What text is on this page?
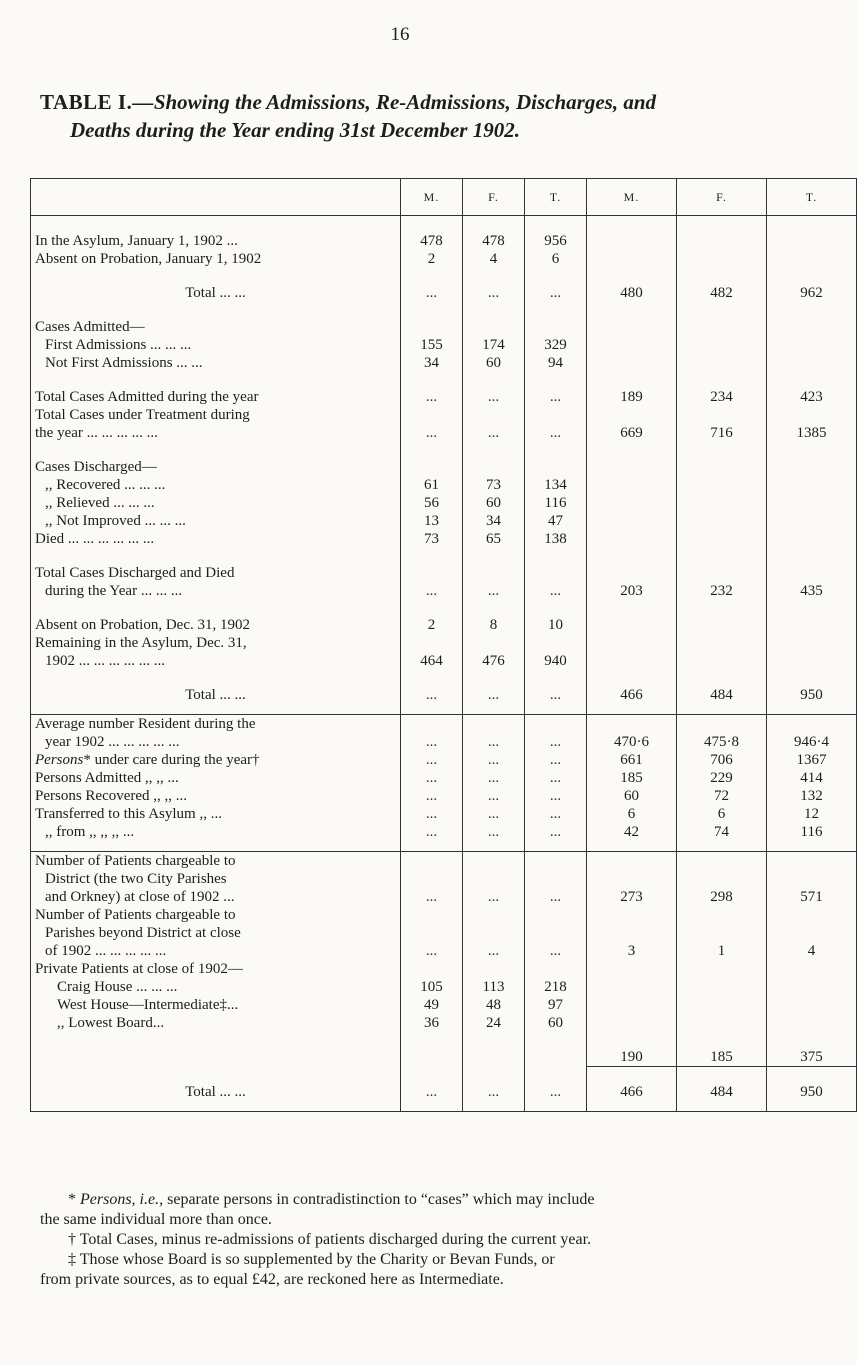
16
TABLE I.—Showing the Admissions, Re-Admissions, Discharges, and
Deaths during the Year ending 31st December 1902.
	M.	F.	T.	M.	F.	T.

In the Asylum, January 1, 1902 ...	478	478	956			
Absent on Probation, January 1, 1902	2	4	6			

Total ... ...	...	...	...	480	482	962

Cases Admitted—						
First Admissions ... ... ...	155	174	329			
Not First Admissions ... ...	34	60	94			

Total Cases Admitted during the year	...	...	...	189	234	423
Total Cases under Treatment during						
the year ... ... ... ... ...	...	...	...	669	716	1385

Cases Discharged—						
,, Recovered ... ... ...	61	73	134			
,, Relieved ... ... ...	56	60	116			
,, Not Improved ... ... ...	13	34	47			
Died ... ... ... ... ... ...	73	65	138			

Total Cases Discharged and Died						
during the Year ... ... ...	...	...	...	203	232	435

Absent on Probation, Dec. 31, 1902	2	8	10			
Remaining in the Asylum, Dec. 31,						
1902 ... ... ... ... ... ...	464	476	940			

Total ... ...	...	...	...	466	484	950

Average number Resident during the						
year 1902 ... ... ... ... ...	...	...	...	470·6	475·8	946·4
Persons* under care during the year†	...	...	...	661	706	1367
Persons Admitted ,, ,, ...	...	...	...	185	229	414
Persons Recovered ,, ,, ...	...	...	...	60	72	132
Transferred to this Asylum ,, ...	...	...	...	6	6	12
,, from ,, ,, ,, ...	...	...	...	42	74	116

Number of Patients chargeable to						
District (the two City Parishes						
and Orkney) at close of 1902 ...	...	...	...	273	298	571
Number of Patients chargeable to						
Parishes beyond District at close						
of 1902 ... ... ... ... ...	...	...	...	3	1	4
Private Patients at close of 1902—						
Craig House ... ... ...	105	113	218			
West House—Intermediate‡...	49	48	97			
,, Lowest Board...	36	24	60			

				190	185	375

Total ... ...	...	...	...	466	484	950

* Persons, i.e., separate persons in contradistinction to “cases” which may include

the same individual more than once.

† Total Cases, minus re-admissions of patients discharged during the current year.

‡ Those whose Board is so supplemented by the Charity or Bevan Funds, or

from private sources, as to equal £42, are reckoned here as Intermediate.
